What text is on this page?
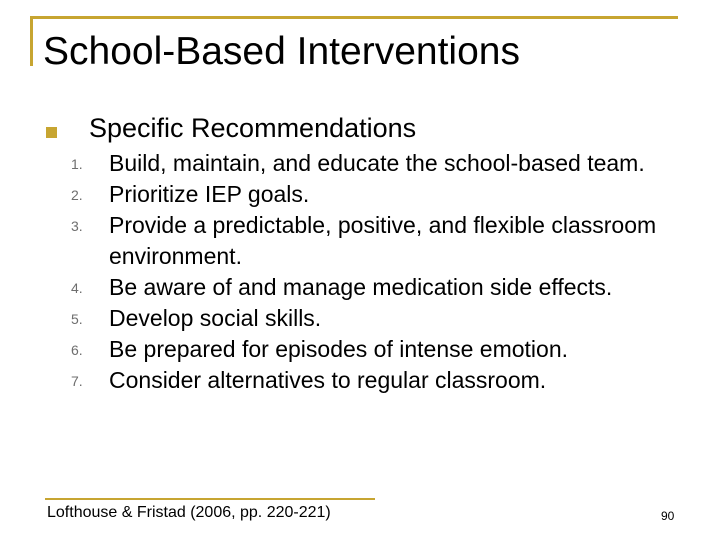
School-Based Interventions
Specific Recommendations
1. Build, maintain, and educate the school-based team.
2. Prioritize IEP goals.
3. Provide a predictable, positive, and flexible classroom environment.
4. Be aware of and manage medication side effects.
5. Develop social skills.
6. Be prepared for episodes of intense emotion.
7. Consider alternatives to regular classroom.
Lofthouse & Fristad (2006, pp. 220-221)	90
